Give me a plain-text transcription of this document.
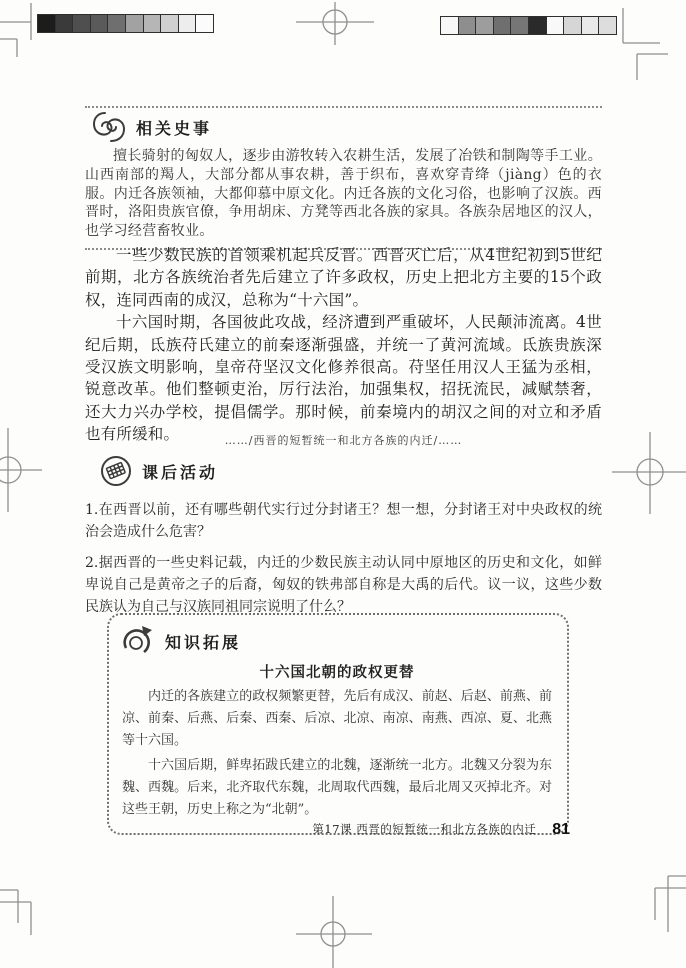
相关史事

擅长骑射的匈奴人，逐步由游牧转入农耕生活，发展了冶铁和制陶等手工业。山西南部的羯人，大部分都从事农耕，善于织布，喜欢穿青绛（jiàng）色的衣服。内迁各族领袖，大都仰慕中原文化。内迁各族的文化习俗，也影响了汉族。西晋时，洛阳贵族官僚，争用胡床、方凳等西北各族的家具。各族杂居地区的汉人，也学习经营畜牧业。

一些少数民族的首领乘机起兵反晋。西晋灭亡后，从4世纪初到5世纪前期，北方各族统治者先后建立了许多政权，历史上把北方主要的15个政权，连同西南的成汉，总称为“十六国”。

十六国时期，各国彼此攻战，经济遭到严重破坏，人民颠沛流离。4世纪后期，氐族苻氏建立的前秦逐渐强盛，并统一了黄河流域。氐族贵族深受汉族文明影响，皇帝苻坚汉文化修养很高。苻坚任用汉人王猛为丞相，锐意改革。他们整顿吏治，厉行法治，加强集权，招抚流民，减赋禁奢，还大力兴办学校，提倡儒学。那时候，前秦境内的胡汉之间的对立和矛盾也有所缓和。	……/西晋的短暂统一和北方各族的内迁/……
课后活动

1.在西晋以前，还有哪些朝代实行过分封诸王？想一想，分封诸王对中央政权的统治会造成什么危害？

2.据西晋的一些史料记载，内迁的少数民族主动认同中原地区的历史和文化，如鲜卑说自己是黄帝之子的后裔，匈奴的铁弗部自称是大禹的后代。议一议，这些少数民族认为自己与汉族同祖同宗说明了什么？

知识拓展
十六国北朝的政权更替

内迁的各族建立的政权频繁更替，先后有成汉、前赵、后赵、前燕、前凉、前秦、后燕、后秦、西秦、后凉、北凉、南凉、南燕、西凉、夏、北燕等十六国。

十六国后期，鲜卑拓跋氏建立的北魏，逐渐统一北方。北魏又分裂为东魏、西魏。后来，北齐取代东魏，北周取代西魏，最后北周又灭掉北齐。对这些王朝，历史上称之为“北朝”。

第17课 西晋的短暂统一和北方各族的内迁 81
